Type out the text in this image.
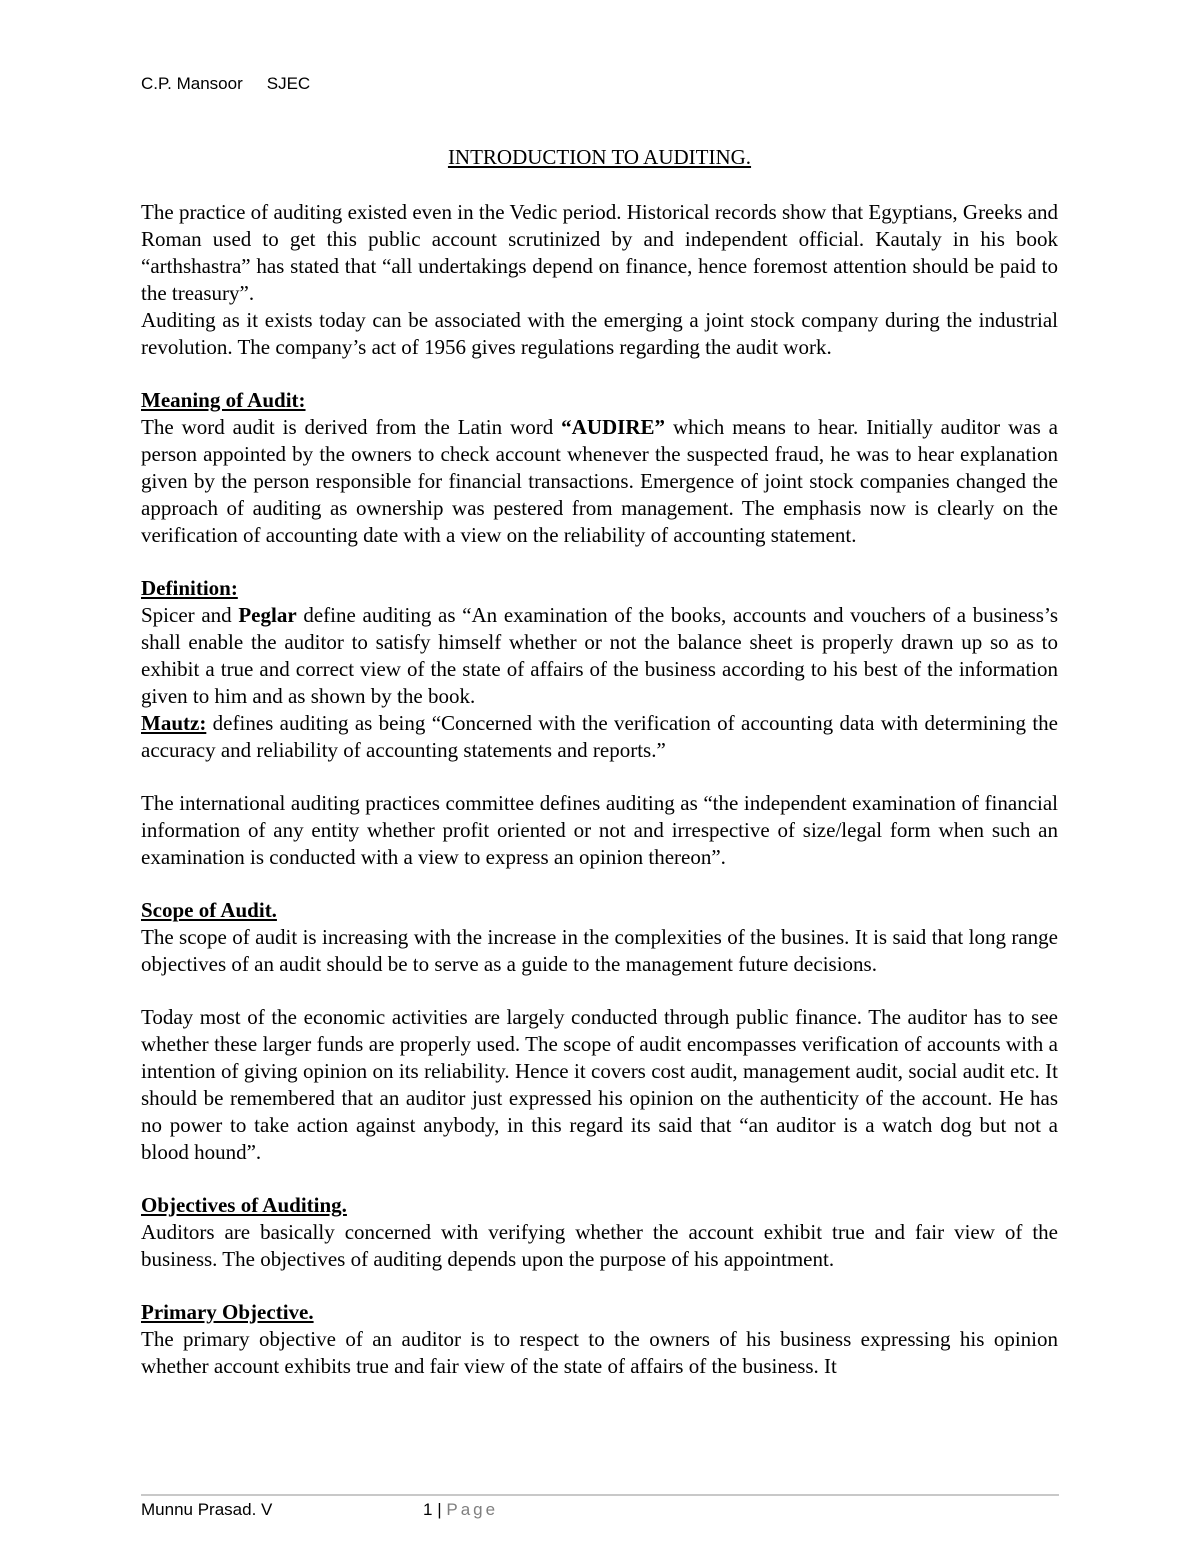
C.P. Mansoor SJEC
INTRODUCTION TO AUDITING.

The practice of auditing existed even in the Vedic period. Historical records show that Egyptians, Greeks and Roman used to get this public account scrutinized by and independent official. Kautaly in his book “arthshastra” has stated that “all undertakings depend on finance, hence foremost attention should be paid to the treasury”.

Auditing as it exists today can be associated with the emerging a joint stock company during the industrial revolution. The company’s act of 1956 gives regulations regarding the audit work.

Meaning of Audit:

The word audit is derived from the Latin word “AUDIRE” which means to hear. Initially auditor was a person appointed by the owners to check account whenever the suspected fraud, he was to hear explanation given by the person responsible for financial transactions. Emergence of joint stock companies changed the approach of auditing as ownership was pestered from management. The emphasis now is clearly on the verification of accounting date with a view on the reliability of accounting statement.

Definition:

Spicer and Peglar define auditing as “An examination of the books, accounts and vouchers of a business’s shall enable the auditor to satisfy himself whether or not the balance sheet is properly drawn up so as to exhibit a true and correct view of the state of affairs of the business according to his best of the information given to him and as shown by the book.

Mautz: defines auditing as being “Concerned with the verification of accounting data with determining the accuracy and reliability of accounting statements and reports.”

The international auditing practices committee defines auditing as “the independent examination of financial information of any entity whether profit oriented or not and irrespective of size/legal form when such an examination is conducted with a view to express an opinion thereon”.

Scope of Audit.

The scope of audit is increasing with the increase in the complexities of the busines. It is said that long range objectives of an audit should be to serve as a guide to the management future decisions.

Today most of the economic activities are largely conducted through public finance. The auditor has to see whether these larger funds are properly used. The scope of audit encompasses verification of accounts with a intention of giving opinion on its reliability. Hence it covers cost audit, management audit, social audit etc. It should be remembered that an auditor just expressed his opinion on the authenticity of the account. He has no power to take action against anybody, in this regard its said that “an auditor is a watch dog but not a blood hound”.

Objectives of Auditing.

Auditors are basically concerned with verifying whether the account exhibit true and fair view of the business. The objectives of auditing depends upon the purpose of his appointment.

Primary Objective.

The primary objective of an auditor is to respect to the owners of his business expressing his opinion whether account exhibits true and fair view of the state of affairs of the business. It

Munnu Prasad. V	1 | Page
